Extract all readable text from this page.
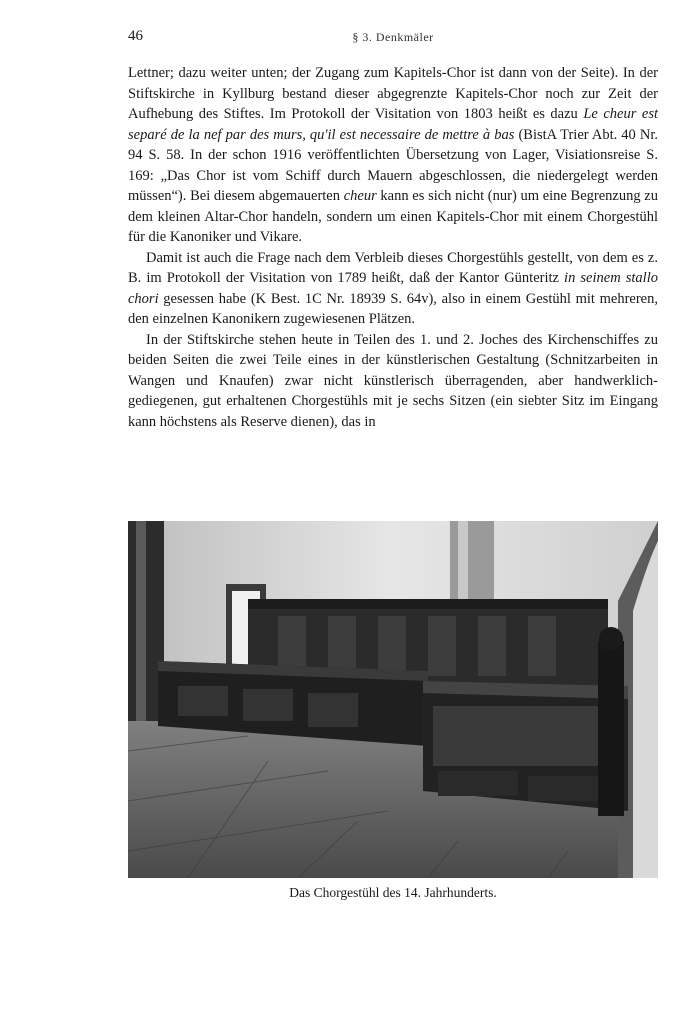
46	§ 3. Denkmäler

Lettner; dazu weiter unten; der Zugang zum Kapitels-Chor ist dann von der Seite). In der Stiftskirche in Kyllburg bestand dieser abgegrenzte Kapitels-Chor noch zur Zeit der Aufhebung des Stiftes. Im Protokoll der Visitation von 1803 heißt es dazu Le cheur est separé de la nef par des murs, qu'il est necessaire de mettre à bas (BistA Trier Abt. 40 Nr. 94 S. 58. In der schon 1916 veröffentlichten Übersetzung von Lager, Visiationsreise S. 169: „Das Chor ist vom Schiff durch Mauern abgeschlossen, die niedergelegt werden müssen“). Bei diesem abgemauerten cheur kann es sich nicht (nur) um eine Begrenzung zu dem kleinen Altar-Chor handeln, sondern um einen Kapitels-Chor mit einem Chorgestühl für die Kanoniker und Vikare.

Damit ist auch die Frage nach dem Verbleib dieses Chorgestühls gestellt, von dem es z. B. im Protokoll der Visitation von 1789 heißt, daß der Kantor Günteritz in seinem stallo chori gesessen habe (K Best. 1C Nr. 18939 S. 64v), also in einem Gestühl mit mehreren, den einzelnen Kanonikern zugewiesenen Plätzen.

In der Stiftskirche stehen heute in Teilen des 1. und 2. Joches des Kirchenschiffes zu beiden Seiten die zwei Teile eines in der künstlerischen Gestaltung (Schnitzarbeiten in Wangen und Knaufen) zwar nicht künstlerisch überragenden, aber handwerklich-gediegenen, gut erhaltenen Chorgestühls mit je sechs Sitzen (ein siebter Sitz im Eingang kann höchstens als Reserve dienen), das in

Das Chorgestühl des 14. Jahrhunderts.
